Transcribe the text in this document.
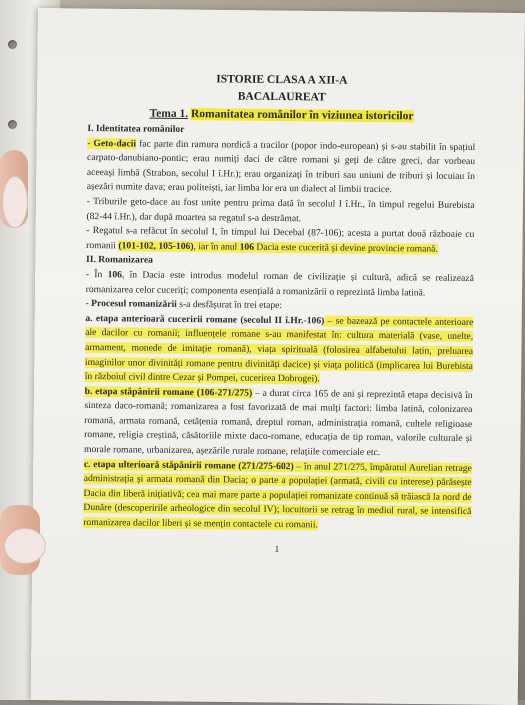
ISTORIE CLASA A XII-A
BACALAUREAT
Tema 1. Romanitatea românilor în viziunea istoricilor
I. Identitatea românilor

- Geto-dacii fac parte din ramura nordică a tracilor (popor indo-european) și s-au stabilit în spațiul carpato-danubiano-pontic; erau numiți daci de către romani și geți de către greci, dar vorbeau aceeași limbă (Strabon, secolul I î.Hr.); erau organizați în triburi sau uniuni de triburi și locuiau în așezări numite dava; erau politeiști, iar limba lor era un dialect al limbii tracice.

- Triburile geto-dace au fost unite pentru prima dată în secolul I î.Hr., în timpul regelui Burebista (82-44 î.Hr.), dar după moartea sa regatul s-a destrămat.

- Regatul s-a refăcut în secolul I, în timpul lui Decebal (87-106); acesta a purtat două războaie cu romanii (101-102, 105-106), iar în anul 106 Dacia este cucerită și devine provincie romană.

II. Romanizarea

- În 106, în Dacia este introdus modelul roman de civilizație și cultură, adică se realizează romanizarea celor cuceriți; componenta esențială a romanizării o reprezintă limba latină.

- Procesul romanizării s-a desfășurat în trei etape:

a. etapa anterioară cuceririi romane (secolul II î.Hr.-106) – se bazează pe contactele anterioare ale dacilor cu romanii; influențele romane s-au manifestat în: cultura materială (vase, unelte, armament, monede de imitație romană), viața spirituală (folosirea alfabetului latin, preluarea imaginilor unor divinități romane pentru divinități dacice) și viața politică (implicarea lui Burebista în războiul civil dintre Cezar și Pompei, cucerirea Dobrogei).

b. etapa stăpânirii romane (106-271/275) – a durat circa 165 de ani și reprezintă etapa decisivă în sinteza daco-romană; romanizarea a fost favorizată de mai mulți factori: limba latină, colonizarea romană, armata romană, cetățenia romană, dreptul roman, administrația romană, cultele religioase romane, religia creștină, căsătoriile mixte daco-romane, educația de tip roman, valorile culturale și morale romane, urbanizarea, așezările rurale romane, relațiile comerciale etc.

c. etapa ulterioară stăpânirii romane (271/275-602) – în anul 271/275, împăratul Aurelian retrage administrația și armata romană din Dacia; o parte a populației (armată, civili cu interese) părăsește Dacia din liberă inițiativă; cea mai mare parte a populației romanizate continuă să trăiască la nord de Dunăre (descoperirile arheologice din secolul IV); locuitorii se retrag în mediul rural, se intensifică romanizarea dacilor liberi și se mențin contactele cu romanii.

1
